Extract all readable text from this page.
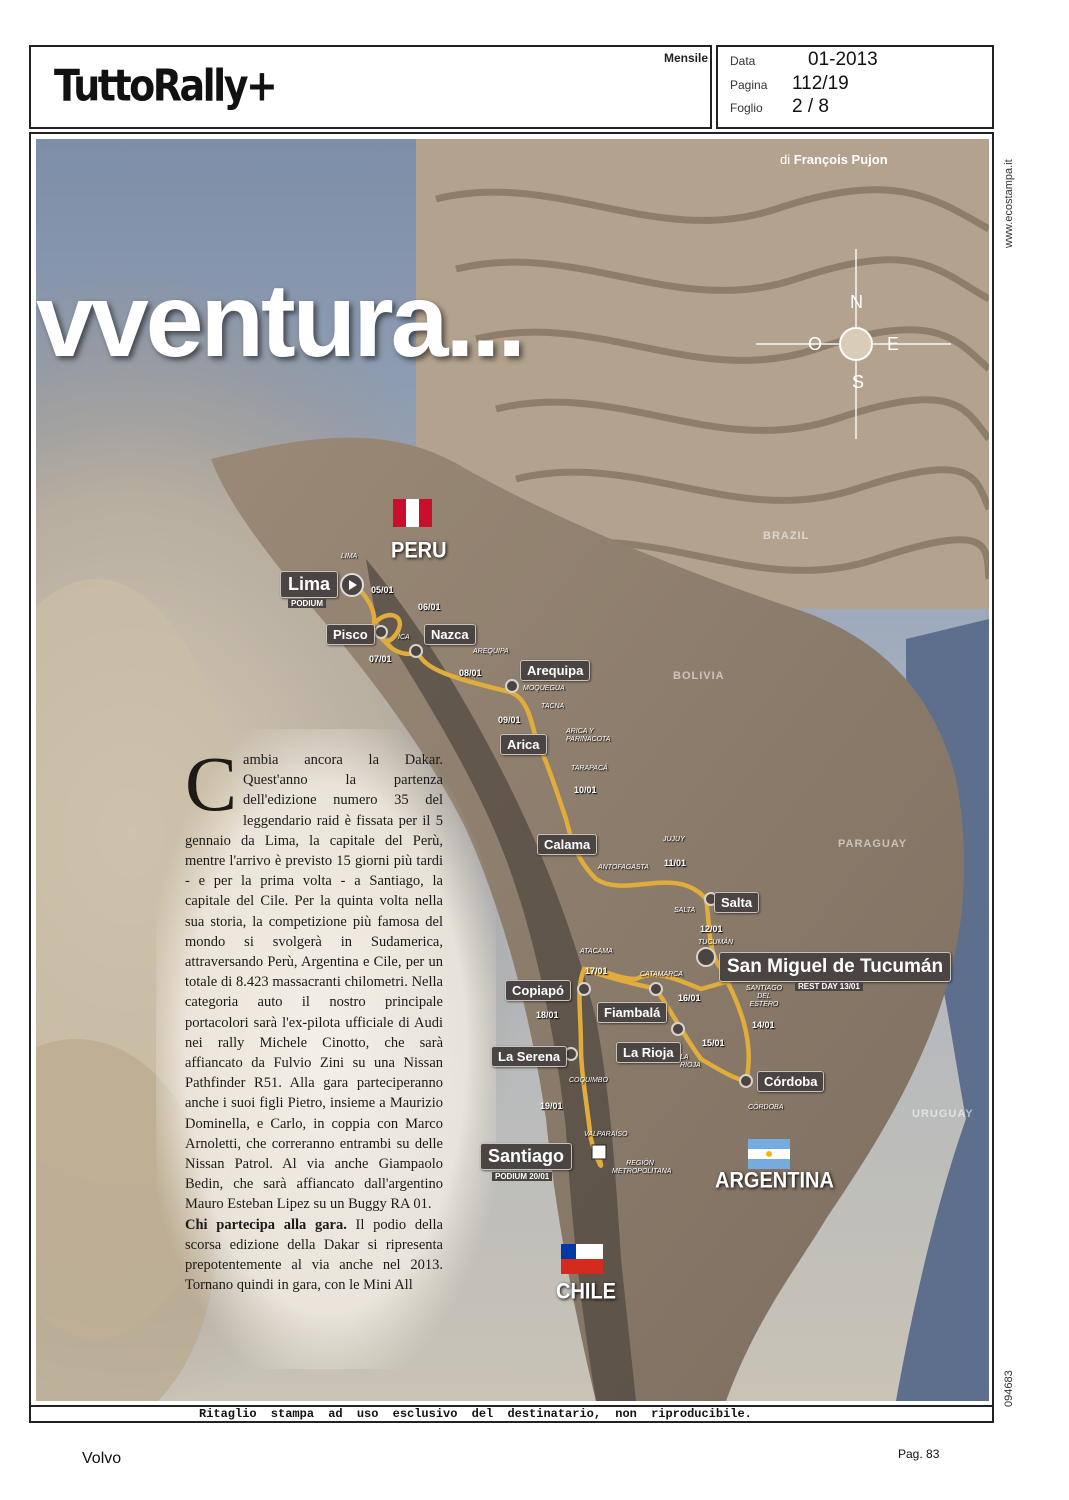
TuttoRally+
Mensile Data	01-2013
Pagina 112/19
Foglio 2 / 8
www.ecostampa.it
094683
di François Pujon
vventura...	N
S
E
O
PERU
CHILE
ARGENTINA
BRAZIL
BOLIVIA
PARAGUAY
URUGUAY
Lima
PODIUM
Pisco	Nazca
Arequipa
Arica
Calama
Salta
San Miguel de Tucumán
REST DAY 13/01
Copiapó
Fiambalá
La Rioja
La Serena
Córdoba
Santiago
PODIUM 20/01
05/01
06/01
07/01
08/01
09/01
10/01
11/01
12/01
14/01
15/01
16/01
17/01
18/01
19/01
LIMA
ICA
AREQUIPA
MOQUEGUA
TACNA
ARICA Y PARINACOTA
TARAPACÁ
ANTOFAGASTA
JUJUY
SALTA
TUCUMÁN
ATACAMA
CATAMARCA
SANTIAGO DEL ESTERO
LA RIOJA
COQUIMBO
CÓRDOBA
VALPARAÍSO
REGIÓN METROPOLITANA
C ambia ancora la Dakar. Quest'anno la partenza dell'edizione numero 35 del leggendario raid è fissata per il 5 gennaio da Lima, la capitale del Perù, mentre l'arrivo è previsto 15 giorni più tardi - e per la prima volta - a Santiago, la capitale del Cile. Per la quinta volta nella sua storia, la competizione più famosa del mondo si svolgerà in Sudamerica, attraversando Perù, Argentina e Cile, per un totale di 8.423 massacranti chilometri. Nella categoria auto il nostro principale portacolori sarà l'ex-pilota ufficiale di Audi nei rally Michele Cinotto, che sarà affiancato da Fulvio Zini su una Nissan Pathfinder R51. Alla gara parteciperanno anche i suoi figli Pietro, insieme a Maurizio Dominella, e Carlo, in coppia con Marco Arnoletti, che correranno entrambi su delle Nissan Patrol. Al via anche Giampaolo Bedin, che sarà affiancato dall'argentino Mauro Esteban Lipez su un Buggy RA 01.
Chi partecipa alla gara. Il podio della scorsa edizione della Dakar si ripresenta prepotentemente al via anche nel 2013. Tornano quindi in gara, con le Mini All
Ritaglio stampa ad uso esclusivo del destinatario, non riproducibile.
Volvo	Pag. 83
